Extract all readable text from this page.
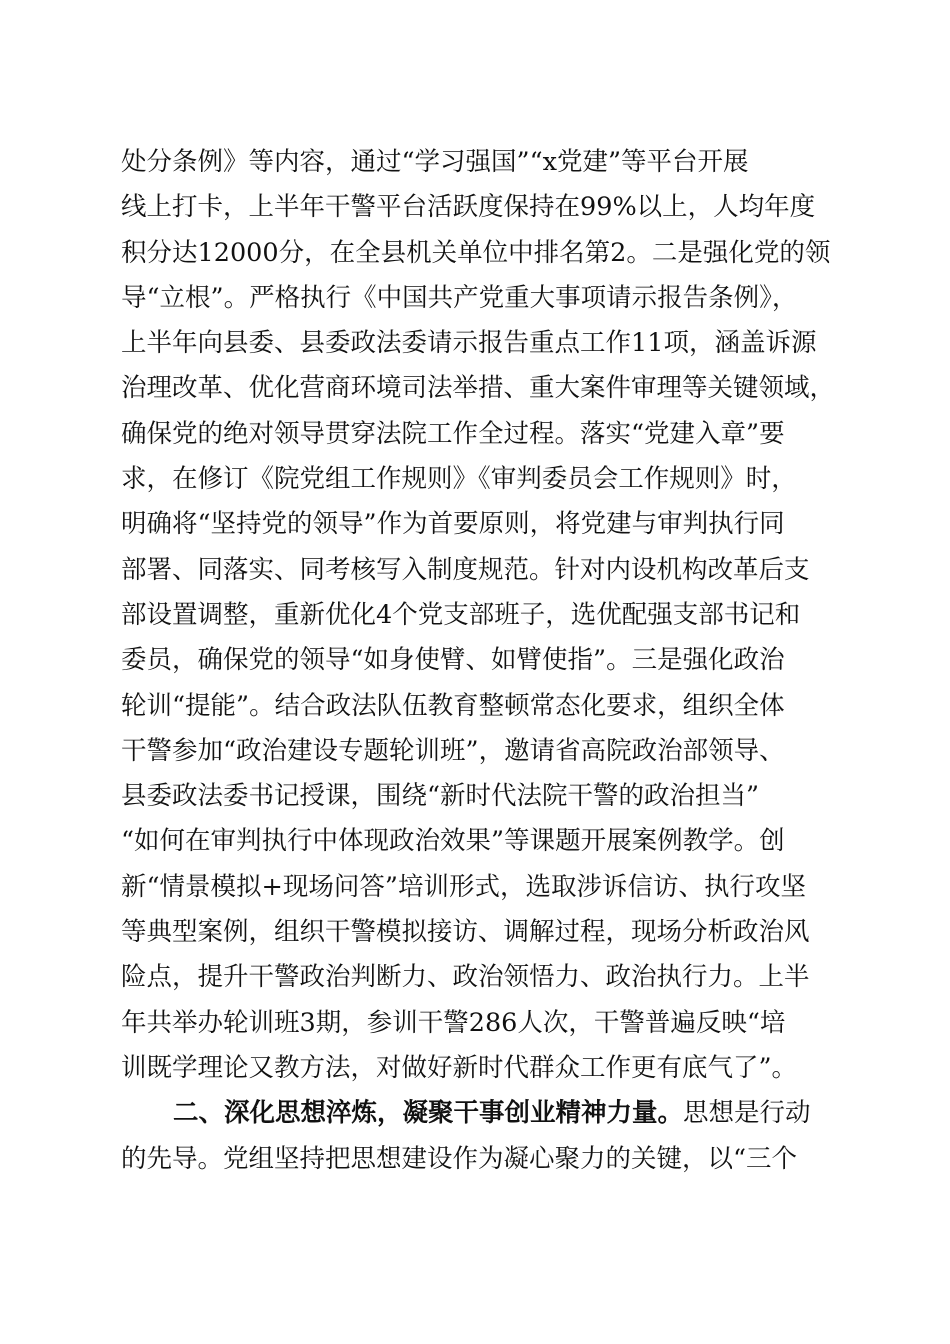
处分条例》等内容，通过“学习强国”“x党建”等平台开展
线上打卡，上半年干警平台活跃度保持在99%以上，人均年度
积分达12000分，在全县机关单位中排名第2。二是强化党的领
导“立根”。严格执行《中国共产党重大事项请示报告条例》，
上半年向县委、县委政法委请示报告重点工作11项，涵盖诉源
治理改革、优化营商环境司法举措、重大案件审理等关键领域，
确保党的绝对领导贯穿法院工作全过程。落实“党建入章”要
求，在修订《院党组工作规则》《审判委员会工作规则》时，
明确将“坚持党的领导”作为首要原则，将党建与审判执行同
部署、同落实、同考核写入制度规范。针对内设机构改革后支
部设置调整，重新优化4个党支部班子，选优配强支部书记和
委员，确保党的领导“如身使臂、如臂使指”。三是强化政治
轮训“提能”。结合政法队伍教育整顿常态化要求，组织全体
干警参加“政治建设专题轮训班”，邀请省高院政治部领导、
县委政法委书记授课，围绕“新时代法院干警的政治担当”
“如何在审判执行中体现政治效果”等课题开展案例教学。创
新“情景模拟+现场问答”培训形式，选取涉诉信访、执行攻坚
等典型案例，组织干警模拟接访、调解过程，现场分析政治风
险点，提升干警政治判断力、政治领悟力、政治执行力。上半
年共举办轮训班3期，参训干警286人次，干警普遍反映“培
训既学理论又教方法，对做好新时代群众工作更有底气了”。
二、深化思想淬炼，凝聚干事创业精神力量。思想是行动
的先导。党组坚持把思想建设作为凝心聚力的关键，以“三个
